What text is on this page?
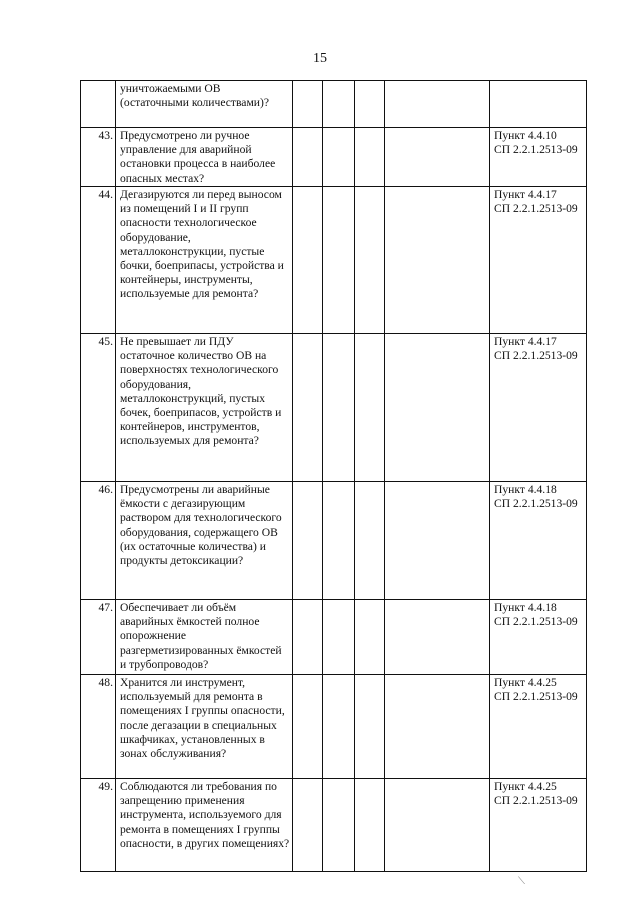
15

	уничтожаемыми ОВ (остаточными количествами)?					

43.	Предусмотрено ли ручное управление для аварийной остановки процесса в наиболее опасных местах?					Пункт 4.4.10
СП 2.2.1.2513-09

44.	Дегазируются ли перед выносом из помещений I и II групп опасности технологическое оборудование, металлоконструкции, пустые бочки, боеприпасы, устройства и контейнеры, инструменты, используемые для ремонта?					Пункт 4.4.17
СП 2.2.1.2513-09

45.	Не превышает ли ПДУ остаточное количество ОВ на поверхностях технологического оборудования, металлоконструкций, пустых бочек, боеприпасов, устройств и контейнеров, инструментов, используемых для ремонта?					Пункт 4.4.17
СП 2.2.1.2513-09

46.	Предусмотрены ли аварийные ёмкости с дегазирующим раствором для технологического оборудования, содержащего ОВ (их остаточные количества) и продукты детоксикации?					Пункт 4.4.18
СП 2.2.1.2513-09

47.	Обеспечивает ли объём аварийных ёмкостей полное опорожнение разгерметизированных ёмкостей и трубопроводов?					Пункт 4.4.18
СП 2.2.1.2513-09

48.	Хранится ли инструмент, используемый для ремонта в помещениях I группы опасности, после дегазации в специальных шкафчиках, установленных в зонах обслуживания?					Пункт 4.4.25
СП 2.2.1.2513-09

49.	Соблюдаются ли требования по запрещению применения инструмента, используемого для ремонта в помещениях I группы опасности, в других помещениях?					Пункт 4.4.25
СП 2.2.1.2513-09
⟍
